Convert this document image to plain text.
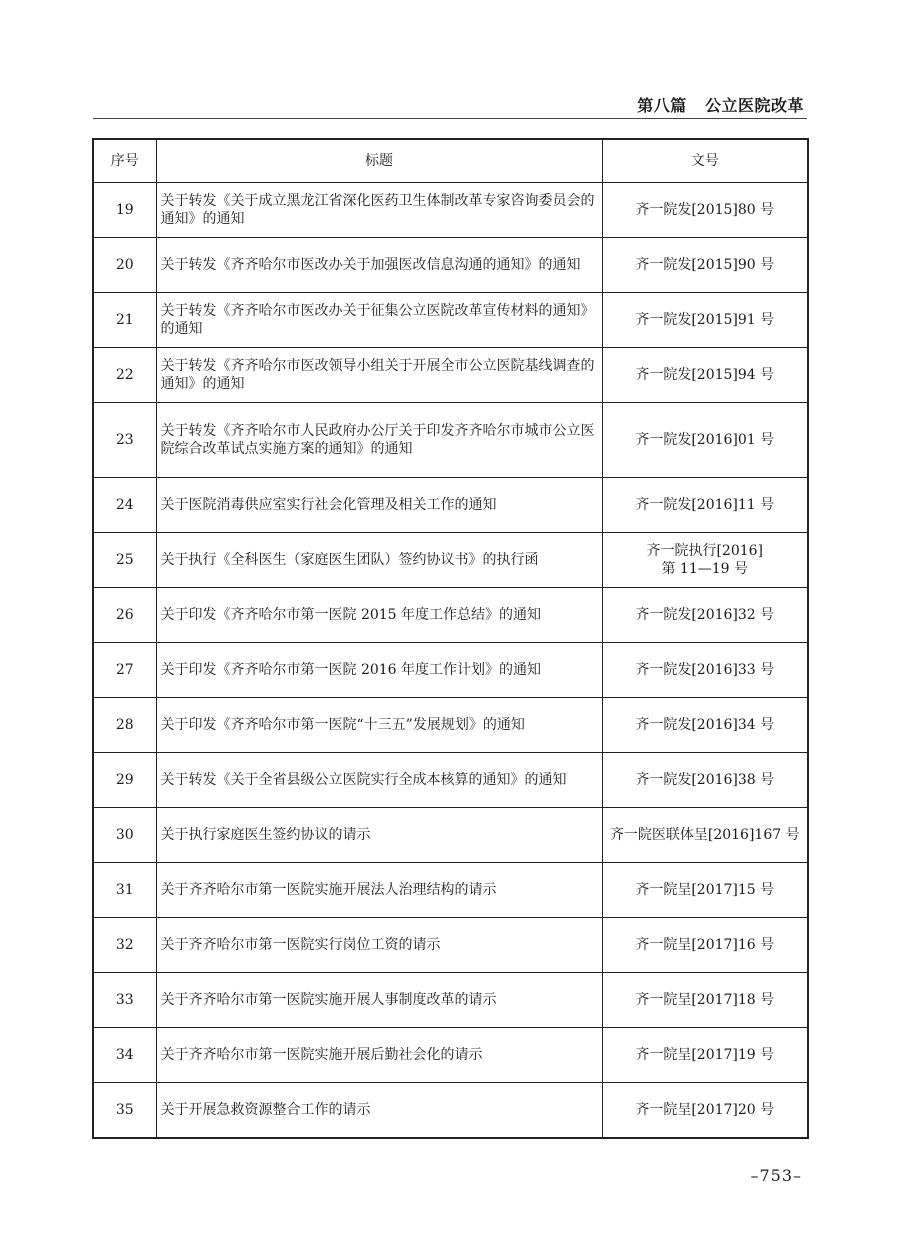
第八篇   公立医院改革
序号	标题	文号
19	关于转发《关于成立黑龙江省深化医药卫生体制改革专家咨询委员会的通知》的通知	齐一院发[2015]80 号
20	关于转发《齐齐哈尔市医改办关于加强医改信息沟通的通知》的通知	齐一院发[2015]90 号
21	关于转发《齐齐哈尔市医改办关于征集公立医院改革宣传材料的通知》的通知	齐一院发[2015]91 号
22	关于转发《齐齐哈尔市医改领导小组关于开展全市公立医院基线调查的通知》的通知	齐一院发[2015]94 号
23	关于转发《齐齐哈尔市人民政府办公厅关于印发齐齐哈尔市城市公立医院综合改革试点实施方案的通知》的通知	齐一院发[2016]01 号
24	关于医院消毒供应室实行社会化管理及相关工作的通知	齐一院发[2016]11 号
25	关于执行《全科医生（家庭医生团队）签约协议书》的执行函	齐一院执行[2016]
第 11—19 号

26	关于印发《齐齐哈尔市第一医院 2015 年度工作总结》的通知	齐一院发[2016]32 号
27	关于印发《齐齐哈尔市第一医院 2016 年度工作计划》的通知	齐一院发[2016]33 号
28	关于印发《齐齐哈尔市第一医院“十三五”发展规划》的通知	齐一院发[2016]34 号
29	关于转发《关于全省县级公立医院实行全成本核算的通知》的通知	齐一院发[2016]38 号
30	关于执行家庭医生签约协议的请示	齐一院医联体呈[2016]167 号
31	关于齐齐哈尔市第一医院实施开展法人治理结构的请示	齐一院呈[2017]15 号
32	关于齐齐哈尔市第一医院实行岗位工资的请示	齐一院呈[2017]16 号
33	关于齐齐哈尔市第一医院实施开展人事制度改革的请示	齐一院呈[2017]18 号
34	关于齐齐哈尔市第一医院实施开展后勤社会化的请示	齐一院呈[2017]19 号
35	关于开展急救资源整合工作的请示	齐一院呈[2017]20 号
–753–
